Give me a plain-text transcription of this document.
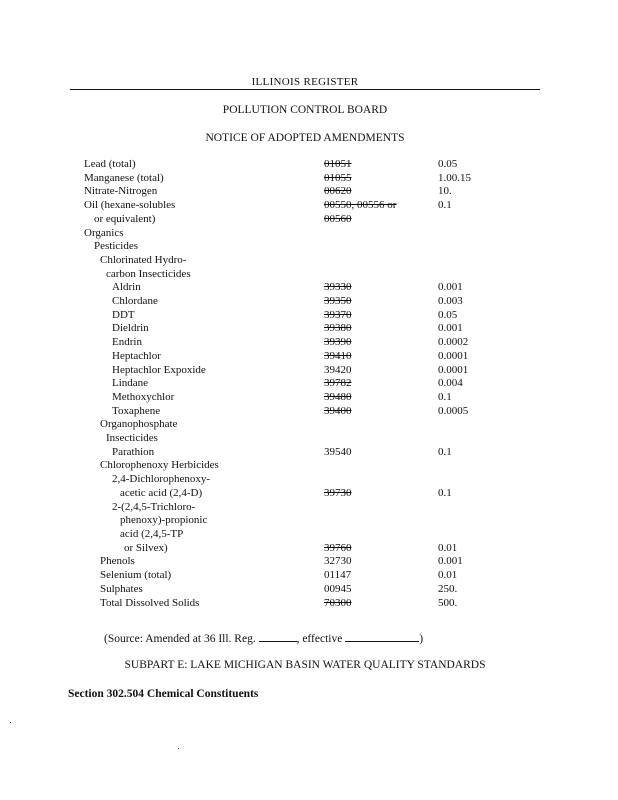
ILLINOIS REGISTER
POLLUTION CONTROL BOARD
NOTICE OF ADOPTED AMENDMENTS
Lead (total)	01051	0.05
Manganese (total)	01055	1.00.15
Nitrate-Nitrogen	00620	10.
Oil (hexane-solubles	00550, 00556 or	0.1
or equivalent)	00560	
Organics		
Pesticides		
Chlorinated Hydro-		
carbon Insecticides		
Aldrin	39330	0.001
Chlordane	39350	0.003
DDT	39370	0.05
Dieldrin	39380	0.001
Endrin	39390	0.0002
Heptachlor	39410	0.0001
Heptachlor Expoxide	39420	0.0001
Lindane	39782	0.004
Methoxychlor	39480	0.1
Toxaphene	39400	0.0005
Organophosphate		
Insecticides		
Parathion	39540	0.1
Chlorophenoxy Herbicides		
2,4-Dichlorophenoxy-		
acetic acid (2,4-D)	39730	0.1
2-(2,4,5-Trichloro-		
phenoxy)-propionic		
acid (2,4,5-TP		
or Silvex)	39760	0.01
Phenols	32730	0.001
Selenium (total)	01147	0.01
Sulphates	00945	250.
Total Dissolved Solids	70300	500.
(Source: Amended at 36 Ill. Reg.	, effective	)
SUBPART E: LAKE MICHIGAN BASIN WATER QUALITY STANDARDS
Section 302.504 Chemical Constituents
